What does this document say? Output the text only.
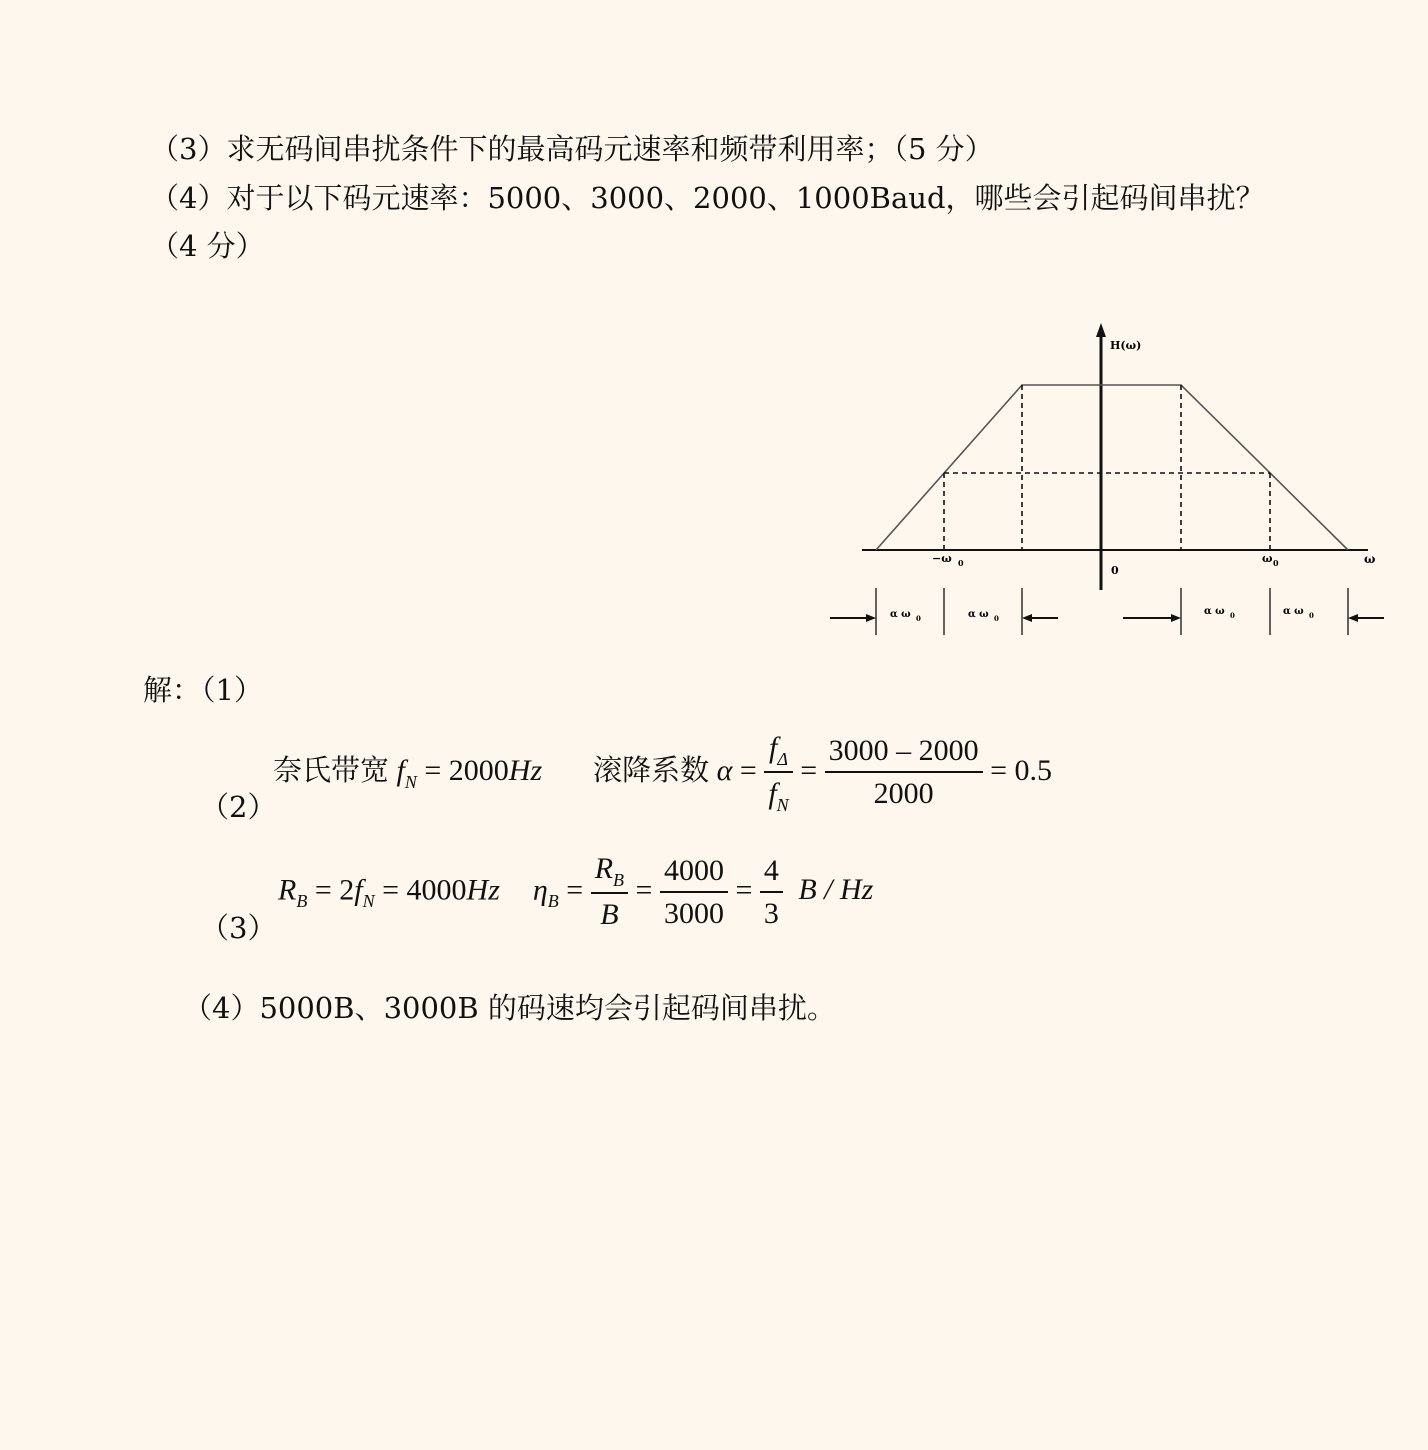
（3）求无码间串扰条件下的最高码元速率和频带利用率；（5 分）
（4）对于以下码元速率：5000、3000、2000、1000Baud，哪些会引起码间串扰？
（4 分）
H(ω)
ω
0
−ω 0	ω 0
α ω 0	α ω 0
α ω 0	α ω 0
解：（1）
（2）
奈氏带宽 $f_N = 2000Hz$ 滚降系数 $\alpha = \frac{f_\Delta}{f_N} = \frac{3000 - 2000}{2000} = 0.5$
（3）
$R_B = 2f_N = 4000Hz$ $\eta_B = \frac{R_B}{B} = \frac{4000}{3000} = \frac{4}{3}$ B / Hz
（4）5000B、3000B 的码速均会引起码间串扰。
